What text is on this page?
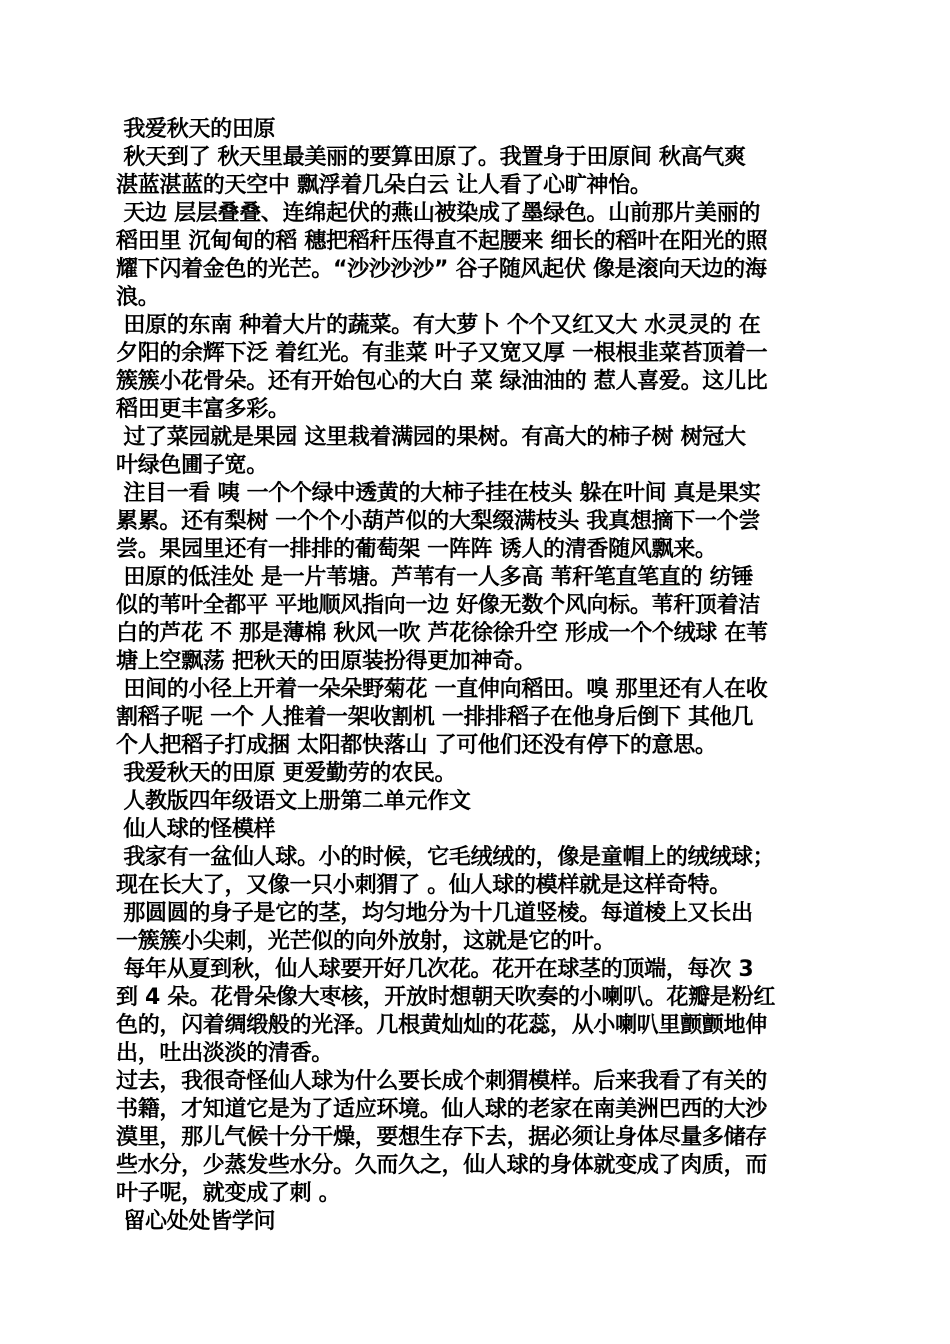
我爱秋天的田原
秋天到了 秋天里最美丽的要算田原了。我置身于田原间 秋高气爽
湛蓝湛蓝的天空中 飘浮着几朵白云 让人看了心旷神怡。
天边 层层叠叠、连绵起伏的燕山被染成了墨绿色。山前那片美丽的
稻田里 沉甸甸的稻 穗把稻秆压得直不起腰来 细长的稻叶在阳光的照
耀下闪着金色的光芒。“沙沙沙沙” 谷子随风起伏 像是滚向天边的海
浪。
田原的东南 种着大片的蔬菜。有大萝卜 个个又红又大 水灵灵的 在
夕阳的余辉下泛 着红光。有韭菜 叶子又宽又厚 一根根韭菜苔顶着一
簇簇小花骨朵。还有开始包心的大白 菜 绿油油的 惹人喜爱。这儿比
稻田更丰富多彩。
过了菜园就是果园 这里栽着满园的果树。有高大的柿子树 树冠大
叶绿色圃子宽。
注目一看 咦 一个个绿中透黄的大柿子挂在枝头 躲在叶间 真是果实
累累。还有梨树 一个个小葫芦似的大梨缀满枝头 我真想摘下一个尝
尝。果园里还有一排排的葡萄架 一阵阵 诱人的清香随风飘来。
田原的低洼处 是一片苇塘。芦苇有一人多高 苇秆笔直笔直的 纺锤
似的苇叶全都平 平地顺风指向一边 好像无数个风向标。苇秆顶着洁
白的芦花 不 那是薄棉 秋风一吹 芦花徐徐升空 形成一个个绒球 在苇
塘上空飘荡 把秋天的田原装扮得更加神奇。
田间的小径上开着一朵朵野菊花 一直伸向稻田。嗅 那里还有人在收
割稻子呢 一个 人推着一架收割机 一排排稻子在他身后倒下 其他几
个人把稻子打成捆 太阳都快落山 了可他们还没有停下的意思。
我爱秋天的田原 更爱勤劳的农民。
人教版四年级语文上册第二单元作文
仙人球的怪模样
我家有一盆仙人球。小的时候，它毛绒绒的，像是童帽上的绒绒球；
现在长大了，又像一只小刺猬了 。仙人球的模样就是这样奇特。
那圆圆的身子是它的茎，均匀地分为十几道竖棱。每道棱上又长出
一簇簇小尖刺，光芒似的向外放射，这就是它的叶。
每年从夏到秋，仙人球要开好几次花。花开在球茎的顶端，每次 3
到 4 朵。花骨朵像大枣核，开放时想朝天吹奏的小喇叭。花瓣是粉红
色的，闪着绸缎般的光泽。几根黄灿灿的花蕊，从小喇叭里颤颤地伸
出，吐出淡淡的清香。
过去，我很奇怪仙人球为什么要长成个刺猬模样。后来我看了有关的
书籍，才知道它是为了适应环境。仙人球的老家在南美洲巴西的大沙
漠里，那儿气候十分干燥，要想生存下去，据必须让身体尽量多储存
些水分，少蒸发些水分。久而久之，仙人球的身体就变成了肉质，而
叶子呢，就变成了刺 。
留心处处皆学问
